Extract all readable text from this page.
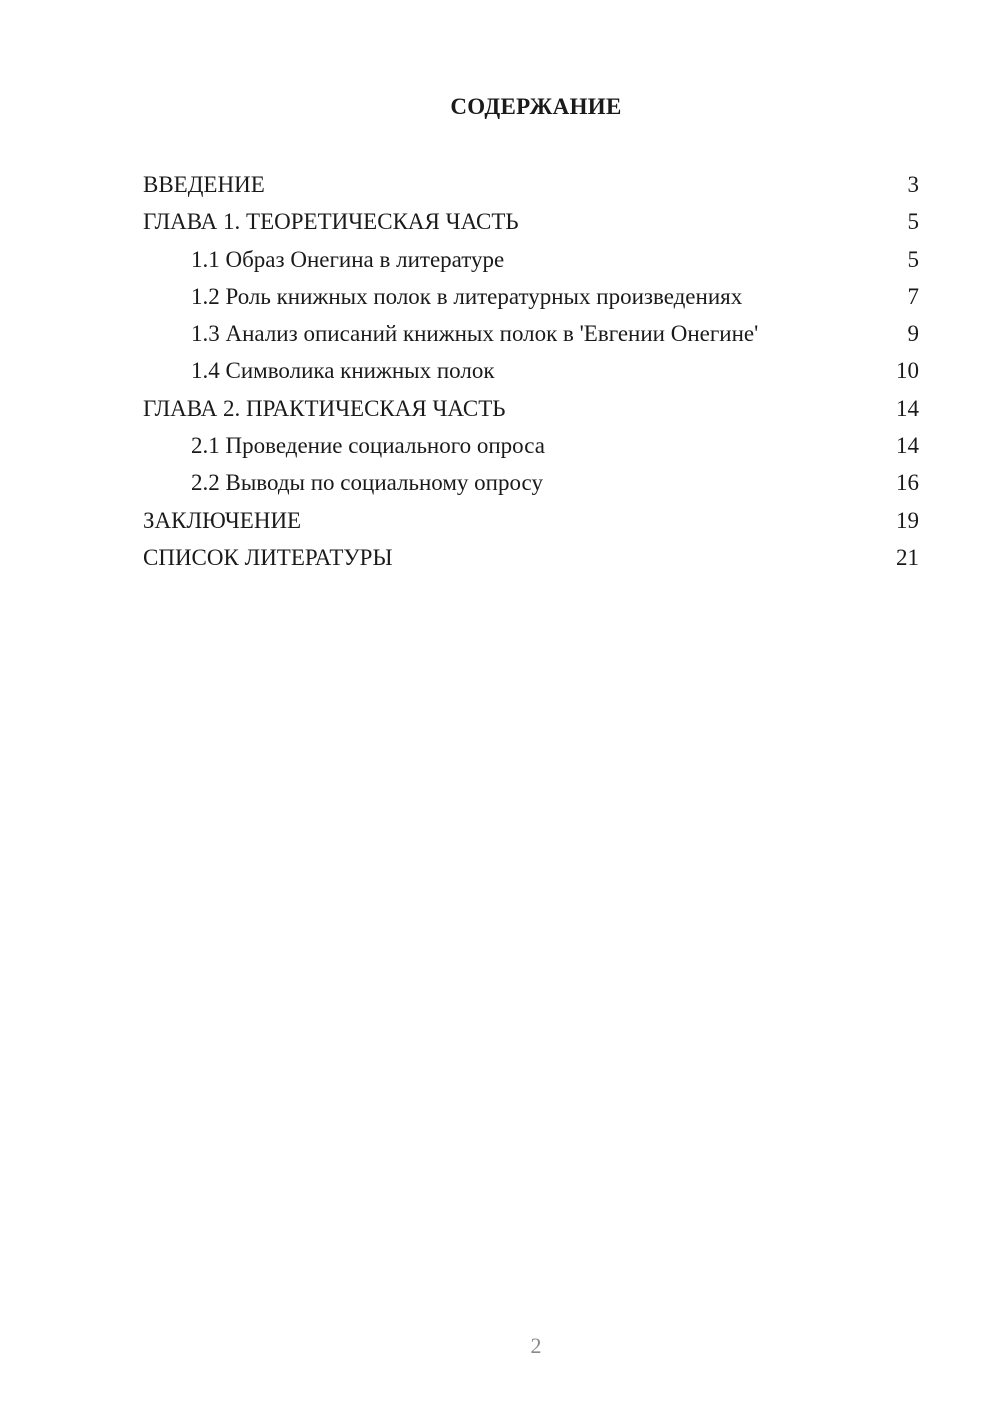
СОДЕРЖАНИЕ
ВВЕДЕНИЕ	3
ГЛАВА 1. ТЕОРЕТИЧЕСКАЯ ЧАСТЬ	5
1.1 Образ Онегина в литературе	5
1.2 Роль книжных полок в литературных произведениях	7
1.3 Анализ описаний книжных полок в 'Евгении Онегине'	9
1.4 Символика книжных полок	10
ГЛАВА 2. ПРАКТИЧЕСКАЯ ЧАСТЬ	14
2.1 Проведение социального опроса	14
2.2 Выводы по социальному опросу	16
ЗАКЛЮЧЕНИЕ	19
СПИСОК ЛИТЕРАТУРЫ	21
2
